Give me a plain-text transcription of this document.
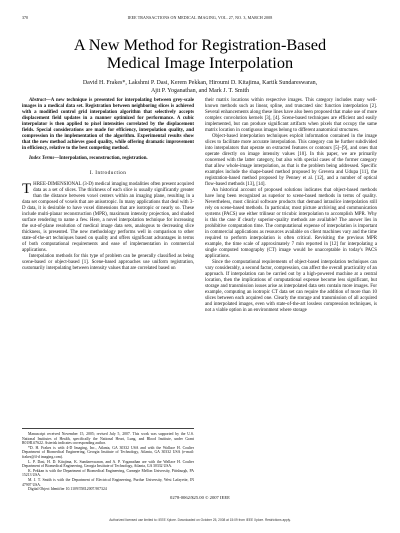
370	IEEE TRANSACTIONS ON MEDICAL IMAGING, VOL. 27, NO. 3, MARCH 2008
A New Method for Registration-Based
Medical Image Interpolation
David H. Frakes*, Lakshmi P. Dasi, Kerem Pekkan, Hiroumi D. Kitajima, Kartik Sundareswaran,
Ajit P. Yoganathan, and Mark J. T. Smith

Abstract—A new technique is presented for interpolating between grey-scale images in a medical data set. Registration between neighboring slices is achieved with a modified control grid interpolation algorithm that selectively accepts displacement field updates in a manner optimized for performance. A cubic interpolator is then applied to pixel intensities correlated by the displacement fields. Special considerations are made for efficiency, interpolation quality, and compression in the implementation of the algorithm. Experimental results show that the new method achieves good quality, while offering dramatic improvement in efficiency, relative to the best competing method.

Index Terms—Interpolation, reconstruction, registration.

I. Introduction

THREE-DIMENSIONAL (3-D) medical imaging modalities often present acquired data as a set of slices. The thickness of each slice is usually significantly greater than the distance between voxel centers within an imaging plane, resulting in a data set composed of voxels that are anisotropic. In many applications that deal with 3-D data, it is desirable to have voxel dimensions that are isotropic or nearly so. These include multi-planar reconstruction (MPR), maximum intensity projection, and shaded surface rendering to name a few. Here, a novel interpolation technique for increasing the out-of-plane resolution of medical image data sets, analogous to decreasing slice thickness, is presented. The new methodology performs well in comparison to other state-of-the-art techniques based on quality and offers significant advantages in terms of both computational requirements and ease of implementation in commercial applications.

Interpolation methods for this type of problem can be generally classified as being scene-based or object-based [1]. Scene-based approaches use uniform registration, customarily interpolating between intensity values that are correlated based on

Manuscript received November 15, 2005; revised July 5, 2007. This work was supported by the U.S. National Institutes of Health, specifically the National Heart, Lung, and Blood Institute, under Grant R01HL67622. Asterisk indicates corresponding author.

*D. H. Frakes is with 4-D Imaging, Inc., Atlanta, GA 30332 USA and with the Wallace H. Coulter Department of Biomedical Engineering, Georgia Institute of Technology, Atlanta, GA 30332 USA (e-mail: frakes@4-d imaging.com).

L. P. Dasi, H. D. Kitajima, K. Sundareswaran, and A. P. Yoganathan are with the Wallace H. Coulter Department of Biomedical Engineering, Georgia Institute of Technology, Atlanta, GA 30332 USA.

K. Pekkan is with the Department of Biomedical Engineering, Carnegie Mellon University, Pittsburgh, PA 15213 USA.

M. J. T. Smith is with the Department of Electrical Engineering, Purdue University, West Lafayette, IN 47907 USA.

Digital Object Identifier 10.1109/TMI.2007.907324

their matrix locations within respective images. This category includes many well-known methods such as linear, spline, and truncated sinc function interpolation [2]. Several enhancements along these lines have also been proposed that make use of more complex convolution kernels [3], [4]. Scene-based techniques are efficient and easily implemented, but can produce significant artifacts when pixels that occupy the same matrix location in contiguous images belong to different anatomical structures.

Object-based interpolation techniques exploit information contained in the image slices to facilitate more accurate interpolation. This category can be further subdivided into interpolators that operate on extracted features or contours [5]–[9], and ones that operate directly on image intensity values [10]. In this paper, we are primarily concerned with the latter category, but also with special cases of the former category that allow whole-image interpolation, as that is the problem being addressed. Specific examples include the shape-based method proposed by Grevera and Udupa [11], the registration-based method proposed by Penney et al. [12], and a number of optical flow-based methods [13], [14].

An historical account of proposed solutions indicates that object-based methods have long been recognized as superior to scene-based methods in terms of quality. Nevertheless, most clinical software products that demand intraslice interpolation still rely on scene-based methods. In particular, most picture archiving and communication systems (PACS) use either trilinear or tricubic interpolation to accomplish MPR. Why is this the case if clearly superior-quality methods are available? The answer lies in prohibitive computation time. The computational expense of interpolation is important in commercial applications as resources available on client machines vary and the time required to perform interpolation is often critical. Revisiting the previous MPR example, the time scale of approximately 7 min reported in [12] for interpolating a single computed tomography (CT) image would be unacceptable in today's PACS applications.

Since the computational requirements of object-based interpolation techniques can vary considerably, a second factor, compression, can affect the overall practicality of an approach. If interpolation can be carried out by a high-powered machine at a central location, then the implications of computational expense become less significant, but storage and transmission issues arise as interpolated data sets contain more images. For example, computing an isotropic CT data set can require the addition of more than 10 slices between each acquired one. Clearly the storage and transmission of all acquired and interpolated images, even with state-of-the-art lossless compression techniques, is not a viable option in an environment where storage

0278-0062/$25.00 © 2007 IEEE
Authorized licensed use limited to: IEEE Xplore. Downloaded on October 25, 2008 at 15:09 from IEEE Xplore. Restrictions apply.
